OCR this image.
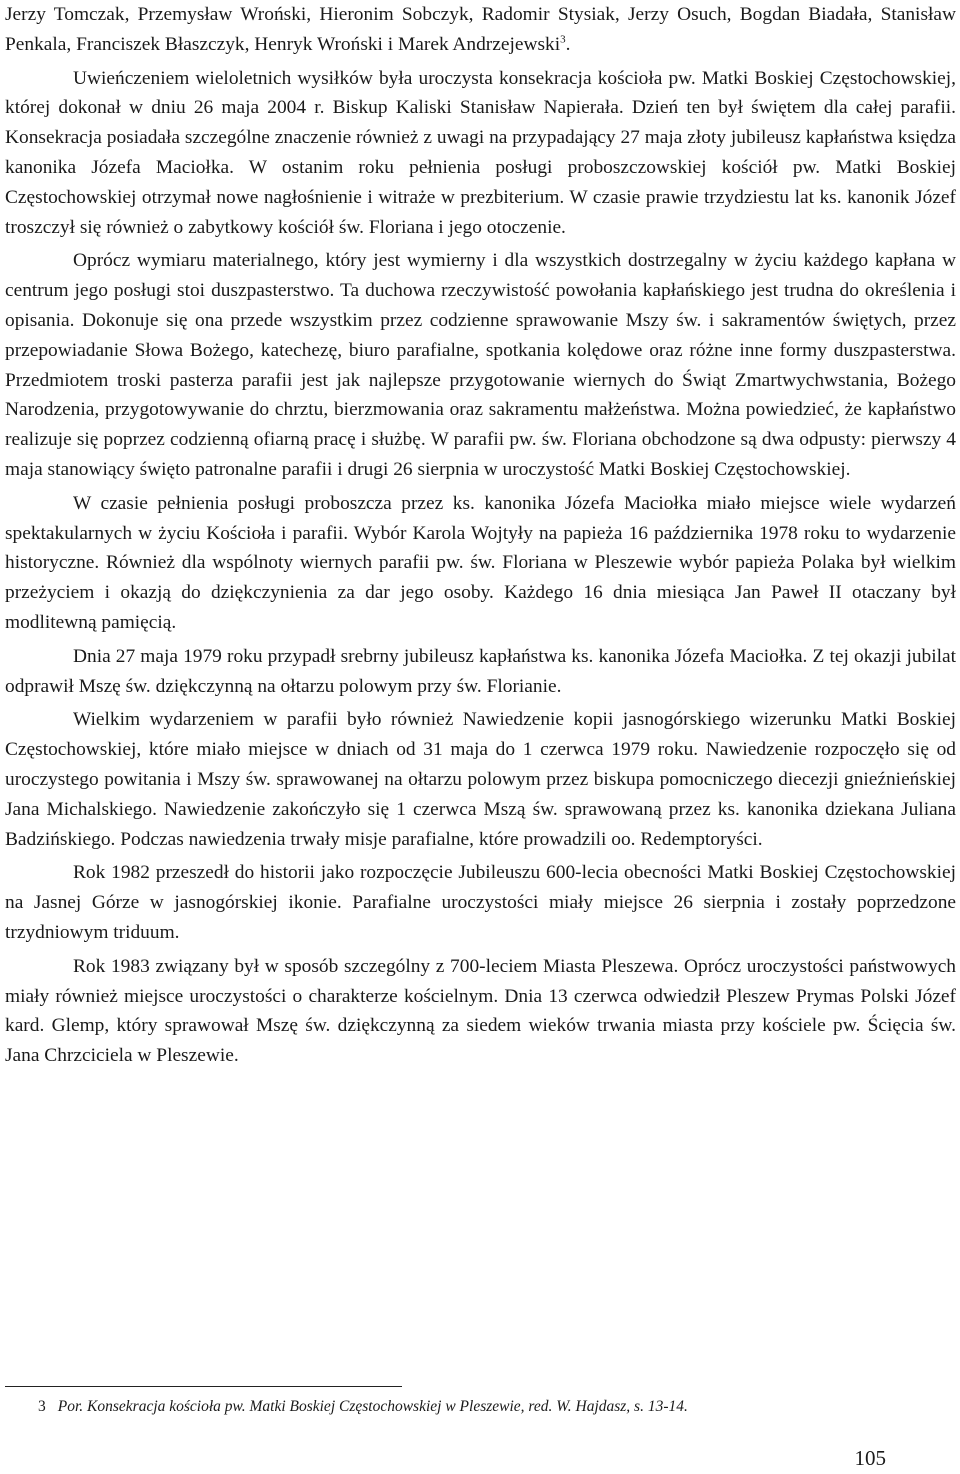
Jerzy Tomczak, Przemysław Wroński, Hieronim Sobczyk, Radomir Stysiak, Jerzy Osuch, Bogdan Biadała, Stanisław Penkala, Franciszek Błaszczyk, Henryk Wroński i Marek Andrzejewski$^3$.

Uwieńczeniem wieloletnich wysiłków była uroczysta konsekracja kościoła pw. Matki Boskiej Częstochowskiej, której dokonał w dniu 26 maja 2004 r. Biskup Kaliski Stanisław Napierała. Dzień ten był świętem dla całej parafii. Konsekracja posiadała szczególne znaczenie również z uwagi na przypadający 27 maja złoty jubileusz kapłaństwa księdza kanonika Józefa Maciołka. W ostanim roku pełnienia posługi proboszczowskiej kościół pw. Matki Boskiej Częstochowskiej otrzymał nowe nagłośnienie i witraże w prezbiterium. W czasie prawie trzydziestu lat ks. kanonik Józef troszczył się również o zabytkowy kościół św. Floriana i jego otoczenie.

Oprócz wymiaru materialnego, który jest wymierny i dla wszystkich dostrzegalny w życiu każdego kapłana w centrum jego posługi stoi duszpasterstwo. Ta duchowa rzeczywistość powołania kapłańskiego jest trudna do określenia i opisania. Dokonuje się ona przede wszystkim przez codzienne sprawowanie Mszy św. i sakramentów świętych, przez przepowiadanie Słowa Bożego, katechezę, biuro parafialne, spotkania kolędowe oraz różne inne formy duszpasterstwa. Przedmiotem troski pasterza parafii jest jak najlepsze przygotowanie wiernych do Świąt Zmartwychwstania, Bożego Narodzenia, przygotowywanie do chrztu, bierzmowania oraz sakramentu małżeństwa. Można powiedzieć, że kapłaństwo realizuje się poprzez codzienną ofiarną pracę i służbę. W parafii pw. św. Floriana obchodzone są dwa odpusty: pierwszy 4 maja stanowiący święto patronalne parafii i drugi 26 sierpnia w uroczystość Matki Boskiej Częstochowskiej.

W czasie pełnienia posługi proboszcza przez ks. kanonika Józefa Maciołka miało miejsce wiele wydarzeń spektakularnych w życiu Kościoła i parafii. Wybór Karola Wojtyły na papieża 16 października 1978 roku to wydarzenie historyczne. Również dla wspólnoty wiernych parafii pw. św. Floriana w Pleszewie wybór papieża Polaka był wielkim przeżyciem i okazją do dziękczynienia za dar jego osoby. Każdego 16 dnia miesiąca Jan Paweł II otaczany był modlitewną pamięcią.

Dnia 27 maja 1979 roku przypadł srebrny jubileusz kapłaństwa ks. kanonika Józefa Maciołka. Z tej okazji jubilat odprawił Mszę św. dziękczynną na ołtarzu polowym przy św. Florianie.

Wielkim wydarzeniem w parafii było również Nawiedzenie kopii jasnogórskiego wizerunku Matki Boskiej Częstochowskiej, które miało miejsce w dniach od 31 maja do 1 czerwca 1979 roku. Nawiedzenie rozpoczęło się od uroczystego powitania i Mszy św. sprawowanej na ołtarzu polowym przez biskupa pomocniczego diecezji gnieźnieńskiej Jana Michalskiego. Nawiedzenie zakończyło się 1 czerwca Mszą św. sprawowaną przez ks. kanonika dziekana Juliana Badzińskiego. Podczas nawiedzenia trwały misje parafialne, które prowadzili oo. Redemptoryści.

Rok 1982 przeszedł do historii jako rozpoczęcie Jubileuszu 600-lecia obecności Matki Boskiej Częstochowskiej na Jasnej Górze w jasnogórskiej ikonie. Parafialne uroczystości miały miejsce 26 sierpnia i zostały poprzedzone trzydniowym triduum.

Rok 1983 związany był w sposób szczególny z 700-leciem Miasta Pleszewa. Oprócz uroczystości państwowych miały również miejsce uroczystości o charakterze kościelnym. Dnia 13 czerwca odwiedził Pleszew Prymas Polski Józef kard. Glemp, który sprawował Mszę św. dziękczynną za siedem wieków trwania miasta przy kościele pw. Ścięcia św. Jana Chrzciciela w Pleszewie.

3 Por. Konsekracja kościoła pw. Matki Boskiej Częstochowskiej w Pleszewie, red. W. Hajdasz, s. 13-14.
105
